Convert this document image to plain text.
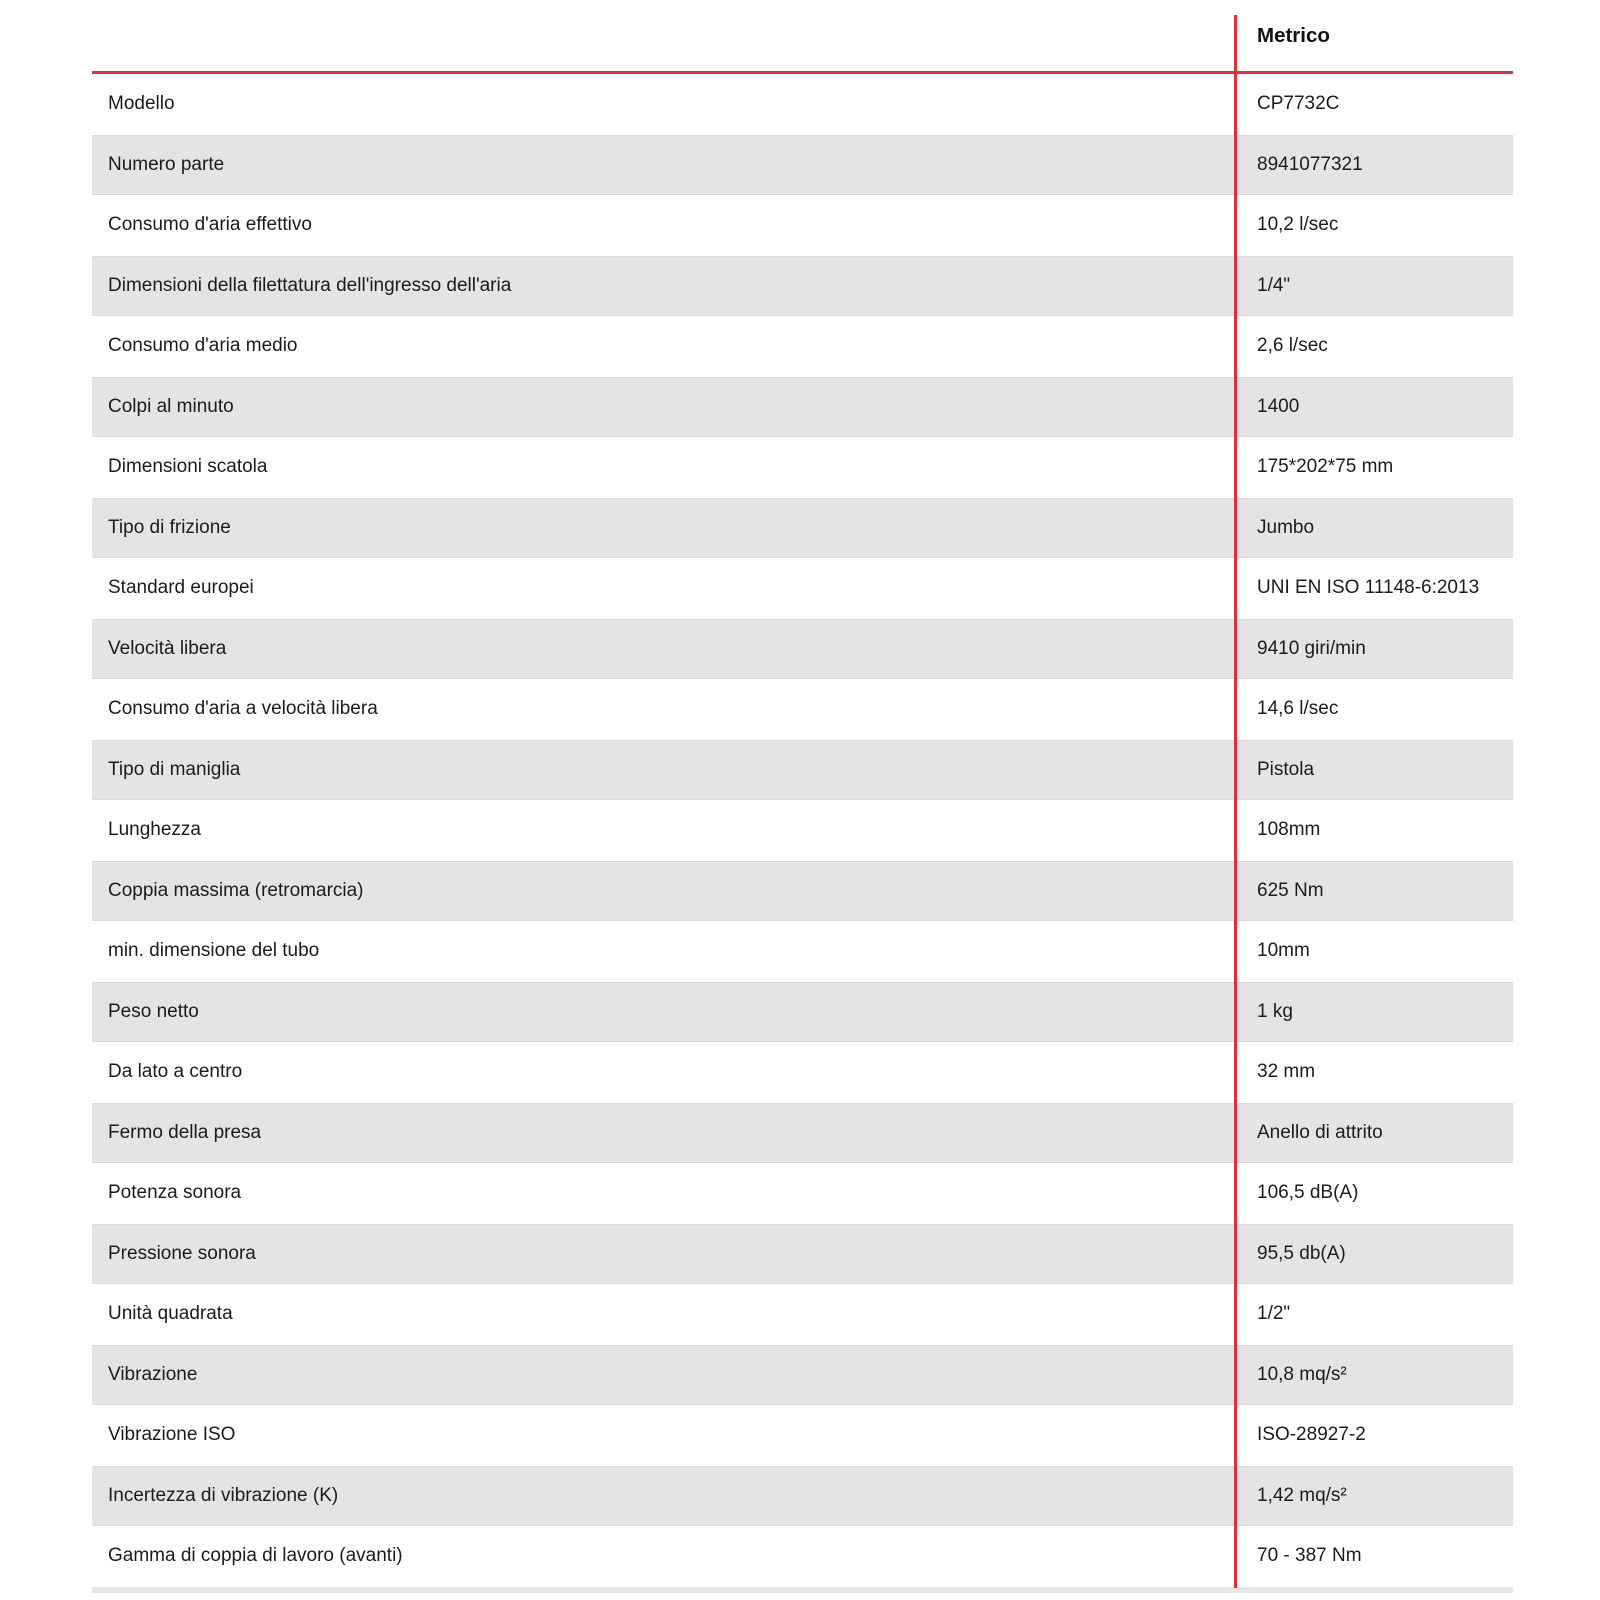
Metrico
Modello	CP7732C
Numero parte	8941077321
Consumo d'aria effettivo	10,2 l/sec
Dimensioni della filettatura dell'ingresso dell'aria	1/4"
Consumo d'aria medio	2,6 l/sec
Colpi al minuto	1400
Dimensioni scatola	175*202*75 mm
Tipo di frizione	Jumbo
Standard europei	UNI EN ISO 11148-6:2013
Velocità libera	9410 giri/min
Consumo d'aria a velocità libera	14,6 l/sec
Tipo di maniglia	Pistola
Lunghezza	108mm
Coppia massima (retromarcia)	625 Nm
min. dimensione del tubo	10mm
Peso netto	1 kg
Da lato a centro	32 mm
Fermo della presa	Anello di attrito
Potenza sonora	106,5 dB(A)
Pressione sonora	95,5 db(A)
Unità quadrata	1/2"
Vibrazione	10,8 mq/s²
Vibrazione ISO	ISO-28927-2
Incertezza di vibrazione (K)	1,42 mq/s²
Gamma di coppia di lavoro (avanti)	70 - 387 Nm
